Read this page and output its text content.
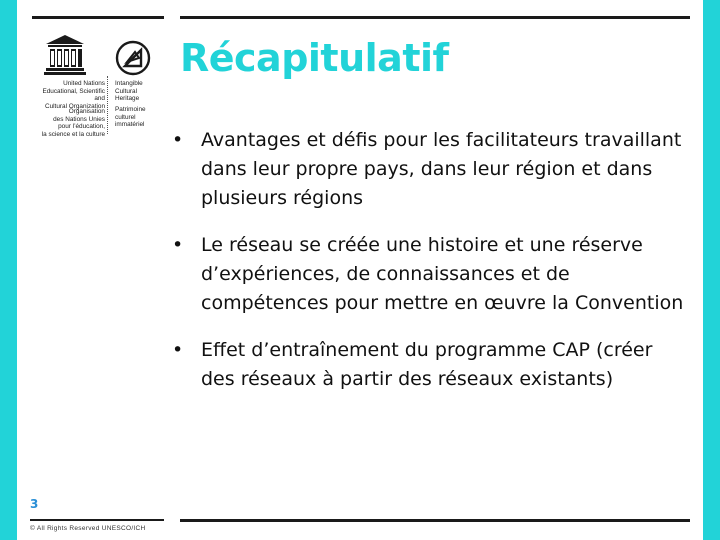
United Nations
Educational, Scientific and
Cultural Organization
Organisation
des Nations Unies
pour l’éducation,
la science et la culture
Intangible
Cultural
Heritage
Patrimoine
culturel
immatériel
Récapitulatif
• Avantages et défis pour les facilitateurs travaillant dans leur propre pays, dans leur région et dans plusieurs régions
• Le réseau se créée une histoire et une réserve d’expériences, de connaissances et de compétences pour mettre en œuvre la Convention
• Effet d’entraînement du programme CAP (créer des réseaux à partir des réseaux existants)
3
© All Rights Reserved UNESCO/ICH
